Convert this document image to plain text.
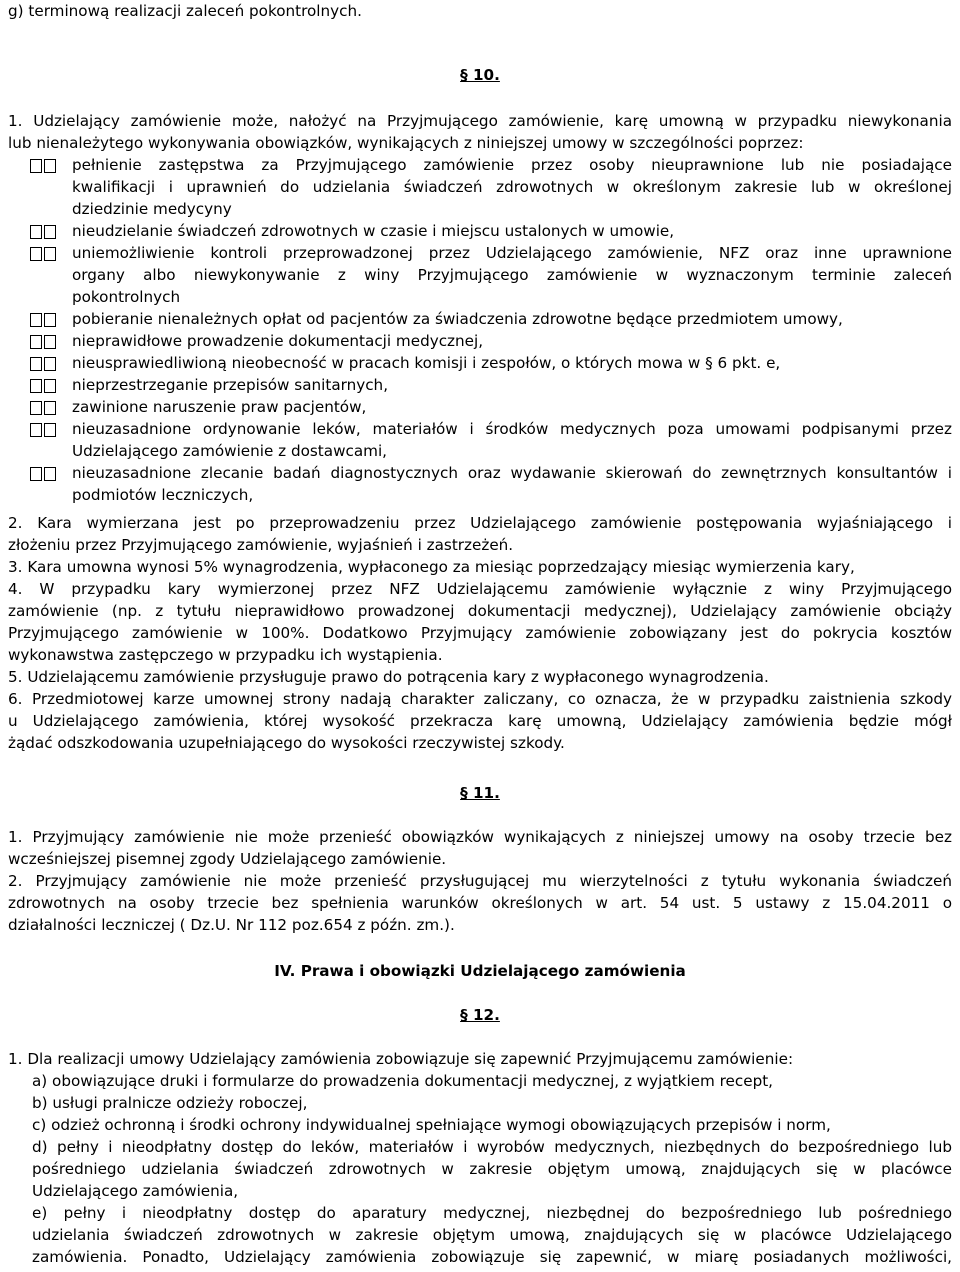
g) terminową realizacji zaleceń pokontrolnych.
§ 10.
1. Udzielający zamówienie może, nałożyć na Przyjmującego zamówienie, karę umowną w przypadku niewykonania
lub nienależytego wykonywania obowiązków, wynikających z niniejszej umowy w szczególności poprzez:
§ 11.
IV. Prawa i obowiązki Udzielającego zamówienia
§ 12.
1. Dla realizacji umowy Udzielający zamówienia zobowiązuje się zapewnić Przyjmującemu zamówienie:
pełnienie zastępstwa za Przyjmującego zamówienie przez osoby nieuprawnione lub nie posiadające
kwalifikacji i uprawnień do udzielania świadczeń zdrowotnych w określonym zakresie lub w określonej
dziedzinie medycyny
nieudzielanie świadczeń zdrowotnych w czasie i miejscu ustalonych w umowie,
uniemożliwienie kontroli przeprowadzonej przez Udzielającego zamówienie, NFZ oraz inne uprawnione
organy albo niewykonywanie z winy Przyjmującego zamówienie w wyznaczonym terminie zaleceń
pokontrolnych
pobieranie nienależnych opłat od pacjentów za świadczenia zdrowotne będące przedmiotem umowy,
nieprawidłowe prowadzenie dokumentacji medycznej,
nieusprawiedliwioną nieobecność w pracach komisji i zespołów, o których mowa w § 6 pkt. e,
nieprzestrzeganie przepisów sanitarnych,
zawinione naruszenie praw pacjentów,
nieuzasadnione ordynowanie leków, materiałów i środków medycznych poza umowami podpisanymi przez
Udzielającego zamówienie z dostawcami,
nieuzasadnione zlecanie badań diagnostycznych oraz wydawanie skierowań do zewnętrznych konsultantów i
podmiotów leczniczych,
2. Kara wymierzana jest po przeprowadzeniu przez Udzielającego zamówienie postępowania wyjaśniającego i
złożeniu przez Przyjmującego zamówienie, wyjaśnień i zastrzeżeń.
3. Kara umowna wynosi 5% wynagrodzenia, wypłaconego za miesiąc poprzedzający miesiąc wymierzenia kary,
4. W przypadku kary wymierzonej przez NFZ Udzielającemu zamówienie wyłącznie z winy Przyjmującego
zamówienie (np. z tytułu nieprawidłowo prowadzonej dokumentacji medycznej), Udzielający zamówienie obciąży
Przyjmującego zamówienie w 100%. Dodatkowo Przyjmujący zamówienie zobowiązany jest do pokrycia kosztów
wykonawstwa zastępczego w przypadku ich wystąpienia.
5. Udzielającemu zamówienie przysługuje prawo do potrącenia kary z wypłaconego wynagrodzenia.
6. Przedmiotowej karze umownej strony nadają charakter zaliczany, co oznacza, że w przypadku zaistnienia szkody
u Udzielającego zamówienia, której wysokość przekracza karę umowną, Udzielający zamówienia będzie mógł
żądać odszkodowania uzupełniającego do wysokości rzeczywistej szkody.
1. Przyjmujący zamówienie nie może przenieść obowiązków wynikających z niniejszej umowy na osoby trzecie bez
wcześniejszej pisemnej zgody Udzielającego zamówienie.
2. Przyjmujący zamówienie nie może przenieść przysługującej mu wierzytelności z tytułu wykonania świadczeń
zdrowotnych na osoby trzecie bez spełnienia warunków określonych w art. 54 ust. 5 ustawy z 15.04.2011 o
działalności leczniczej ( Dz.U. Nr 112 poz.654 z późn. zm.).
a) obowiązujące druki i formularze do prowadzenia dokumentacji medycznej, z wyjątkiem recept,
b) usługi pralnicze odzieży roboczej,
c) odzież ochronną i środki ochrony indywidualnej spełniające wymogi obowiązujących przepisów i norm,
d) pełny i nieodpłatny dostęp do leków, materiałów i wyrobów medycznych, niezbędnych do bezpośredniego lub
pośredniego udzielania świadczeń zdrowotnych w zakresie objętym umową, znajdujących się w placówce
Udzielającego zamówienia,
e) pełny i nieodpłatny dostęp do aparatury medycznej, niezbędnej do bezpośredniego lub pośredniego
udzielania świadczeń zdrowotnych w zakresie objętym umową, znajdujących się w placówce Udzielającego
zamówienia. Ponadto, Udzielający zamówienia zobowiązuje się zapewnić, w miarę posiadanych możliwości,
